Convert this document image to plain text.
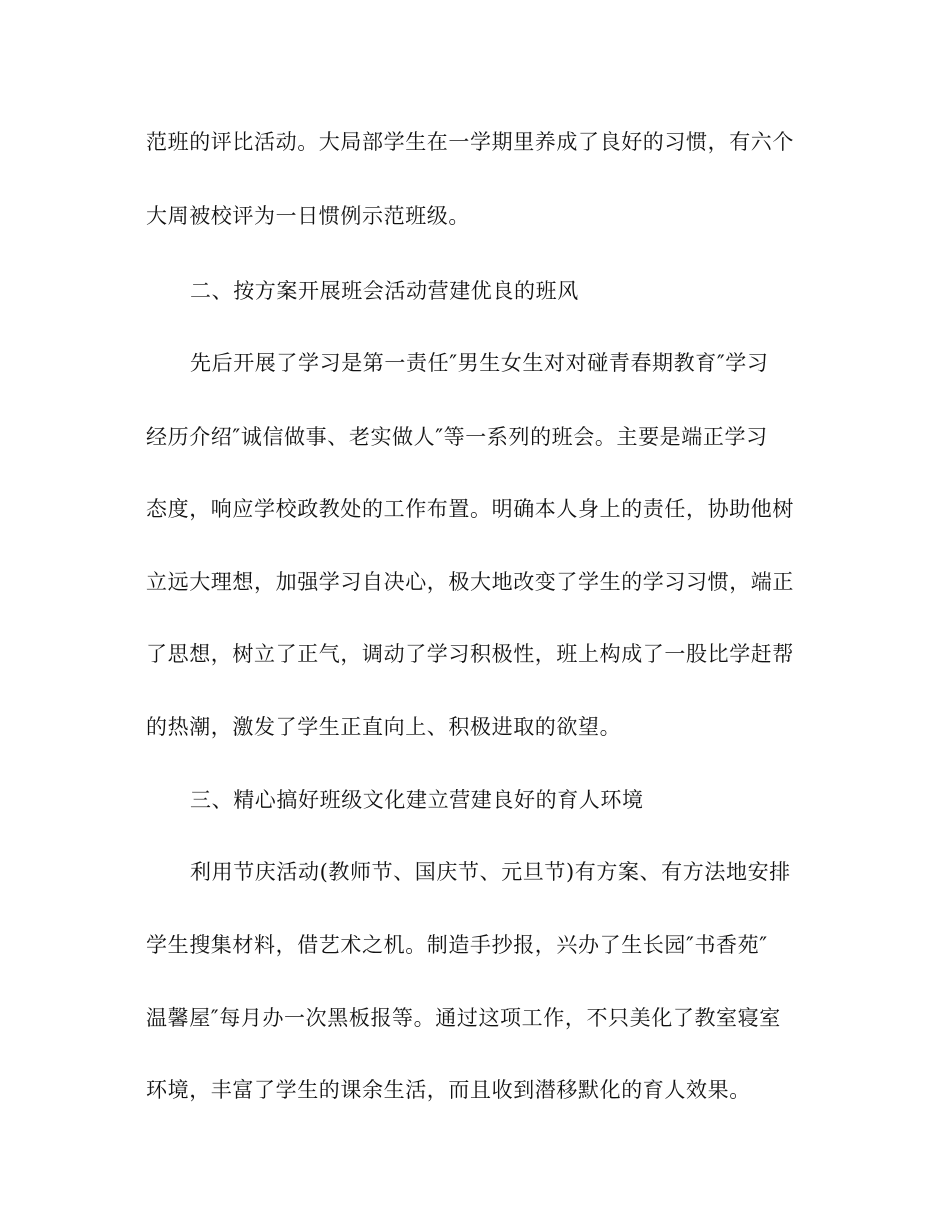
范班的评比活动。大局部学生在一学期里养成了良好的习惯，有六个
大周被校评为一日惯例示范班级。
二、按方案开展班会活动营建优良的班风
先后开展了学习是第一责任″男生女生对对碰青春期教育″学习
经历介绍″诚信做事、老实做人″等一系列的班会。主要是端正学习
态度，响应学校政教处的工作布置。明确本人身上的责任，协助他树
立远大理想，加强学习自决心，极大地改变了学生的学习习惯，端正
了思想，树立了正气，调动了学习积极性，班上构成了一股比学赶帮
的热潮，激发了学生正直向上、积极进取的欲望。
三、精心搞好班级文化建立营建良好的育人环境
利用节庆活动(教师节、国庆节、元旦节)有方案、有方法地安排
学生搜集材料，借艺术之机。制造手抄报，兴办了生长园″书香苑″
温馨屋″每月办一次黑板报等。通过这项工作，不只美化了教室寝室
环境，丰富了学生的课余生活，而且收到潜移默化的育人效果。
